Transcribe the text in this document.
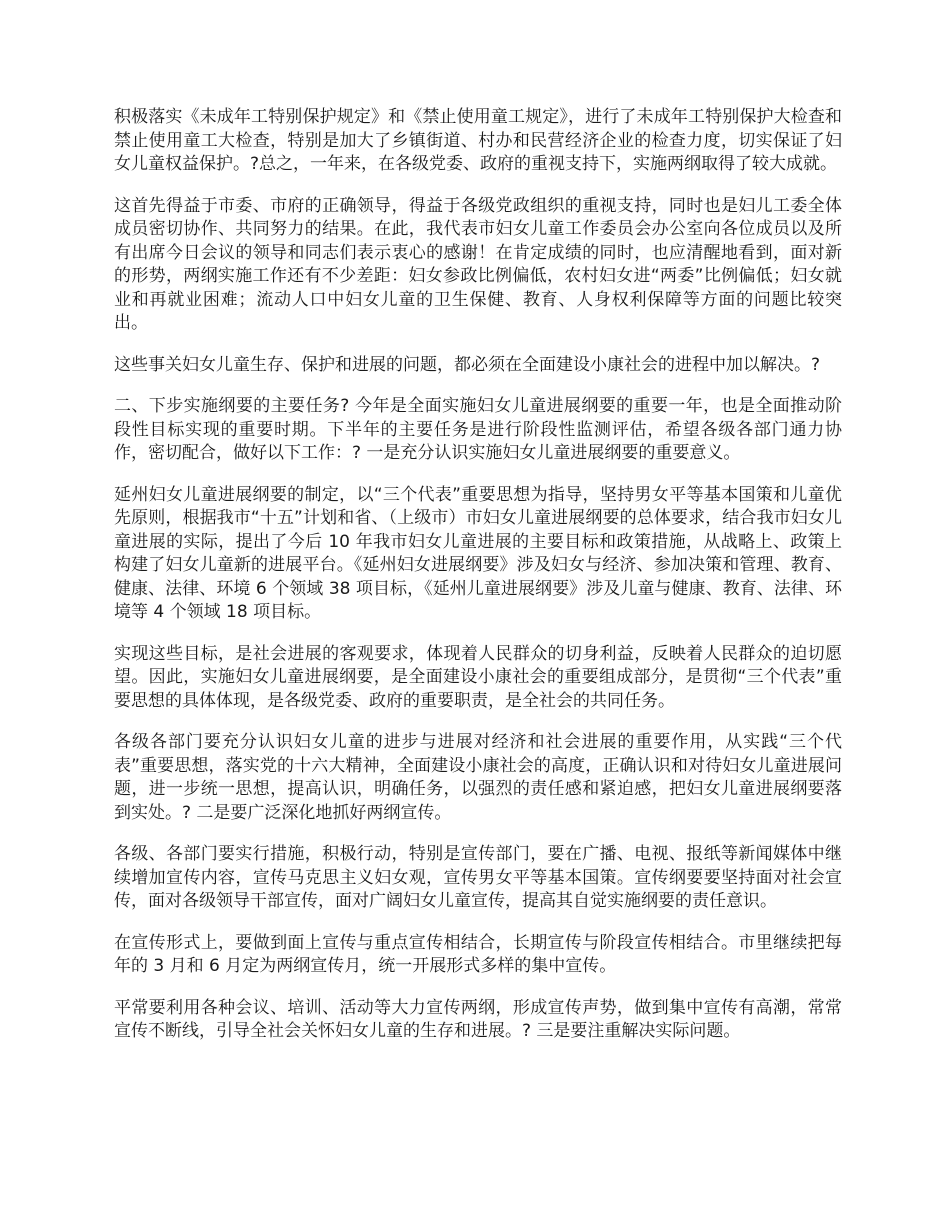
积极落实《未成年工特别保护规定》和《禁止使用童工规定》，进行了未成年工特别保护大检查和禁止使用童工大检查，特别是加大了乡镇街道、村办和民营经济企业的检查力度，切实保证了妇女儿童权益保护。?总之，一年来，在各级党委、政府的重视支持下，实施两纲取得了较大成就。

这首先得益于市委、市府的正确领导，得益于各级党政组织的重视支持，同时也是妇儿工委全体成员密切协作、共同努力的结果。在此，我代表市妇女儿童工作委员会办公室向各位成员以及所有出席今日会议的领导和同志们表示衷心的感谢！在肯定成绩的同时，也应清醒地看到，面对新的形势，两纲实施工作还有不少差距：妇女参政比例偏低，农村妇女进“两委”比例偏低；妇女就业和再就业困难；流动人口中妇女儿童的卫生保健、教育、人身权利保障等方面的问题比较突出。

这些事关妇女儿童生存、保护和进展的问题，都必须在全面建设小康社会的进程中加以解决。?

二、下步实施纲要的主要任务? 今年是全面实施妇女儿童进展纲要的重要一年，也是全面推动阶段性目标实现的重要时期。下半年的主要任务是进行阶段性监测评估，希望各级各部门通力协作，密切配合，做好以下工作：? 一是充分认识实施妇女儿童进展纲要的重要意义。

延州妇女儿童进展纲要的制定，以“三个代表”重要思想为指导，坚持男女平等基本国策和儿童优先原则，根据我市“十五”计划和省、（上级市）市妇女儿童进展纲要的总体要求，结合我市妇女儿童进展的实际，提出了今后 10 年我市妇女儿童进展的主要目标和政策措施，从战略上、政策上构建了妇女儿童新的进展平台。《延州妇女进展纲要》涉及妇女与经济、参加决策和管理、教育、健康、法律、环境 6 个领域 38 项目标，《延州儿童进展纲要》涉及儿童与健康、教育、法律、环境等 4 个领域 18 项目标。

实现这些目标，是社会进展的客观要求，体现着人民群众的切身利益，反映着人民群众的迫切愿望。因此，实施妇女儿童进展纲要，是全面建设小康社会的重要组成部分，是贯彻“三个代表”重要思想的具体体现，是各级党委、政府的重要职责，是全社会的共同任务。

各级各部门要充分认识妇女儿童的进步与进展对经济和社会进展的重要作用，从实践“三个代表”重要思想，落实党的十六大精神，全面建设小康社会的高度，正确认识和对待妇女儿童进展问题，进一步统一思想，提高认识，明确任务，以强烈的责任感和紧迫感，把妇女儿童进展纲要落到实处。? 二是要广泛深化地抓好两纲宣传。

各级、各部门要实行措施，积极行动，特别是宣传部门，要在广播、电视、报纸等新闻媒体中继续增加宣传内容，宣传马克思主义妇女观，宣传男女平等基本国策。宣传纲要要坚持面对社会宣传，面对各级领导干部宣传，面对广阔妇女儿童宣传，提高其自觉实施纲要的责任意识。

在宣传形式上，要做到面上宣传与重点宣传相结合，长期宣传与阶段宣传相结合。市里继续把每年的 3 月和 6 月定为两纲宣传月，统一开展形式多样的集中宣传。

平常要利用各种会议、培训、活动等大力宣传两纲，形成宣传声势，做到集中宣传有高潮，常常宣传不断线，引导全社会关怀妇女儿童的生存和进展。? 三是要注重解决实际问题。
